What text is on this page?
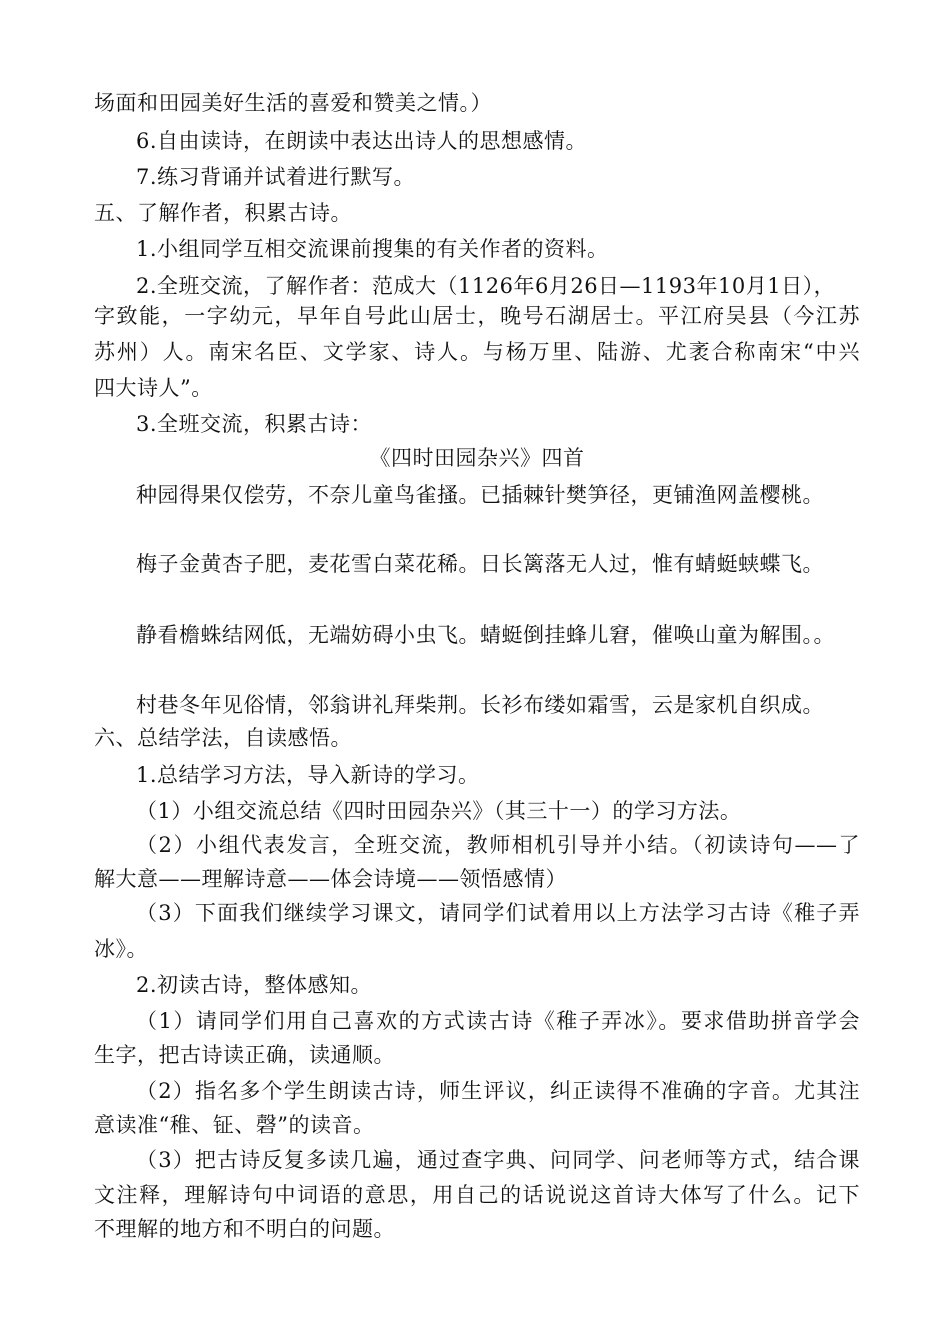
场面和田园美好生活的喜爱和赞美之情。）
6.自由读诗，在朗读中表达出诗人的思想感情。
7.练习背诵并试着进行默写。
五、了解作者，积累古诗。
1.小组同学互相交流课前搜集的有关作者的资料。
2.全班交流，了解作者：范成大（1126年6月26日—1193年10月1日），
字致能，一字幼元，早年自号此山居士，晚号石湖居士。平江府吴县（今江苏
苏州）人。南宋名臣、文学家、诗人。与杨万里、陆游、尤袤合称南宋“中兴
四大诗人”。
3.全班交流，积累古诗：
《四时田园杂兴》四首
种园得果仅偿劳，不奈儿童鸟雀搔。已插棘针樊笋径，更铺渔网盖樱桃。
梅子金黄杏子肥，麦花雪白菜花稀。日长篱落无人过，惟有蜻蜓蛱蝶飞。
静看檐蛛结网低，无端妨碍小虫飞。蜻蜓倒挂蜂儿窘，催唤山童为解围。。
村巷冬年见俗情，邻翁讲礼拜柴荆。长衫布缕如霜雪，云是家机自织成。
六、总结学法，自读感悟。
1.总结学习方法，导入新诗的学习。
（1）小组交流总结《四时田园杂兴》（其三十一）的学习方法。
（2）小组代表发言，全班交流，教师相机引导并小结。（初读诗句——了
解大意——理解诗意——体会诗境——领悟感情）
（3）下面我们继续学习课文，请同学们试着用以上方法学习古诗《稚子弄
冰》。
2.初读古诗，整体感知。
（1）请同学们用自己喜欢的方式读古诗《稚子弄冰》。要求借助拼音学会
生字，把古诗读正确，读通顺。
（2）指名多个学生朗读古诗，师生评议，纠正读得不准确的字音。尤其注
意读准“稚、钲、磬”的读音。
（3）把古诗反复多读几遍，通过查字典、问同学、问老师等方式，结合课
文注释，理解诗句中词语的意思，用自己的话说说这首诗大体写了什么。记下
不理解的地方和不明白的问题。
